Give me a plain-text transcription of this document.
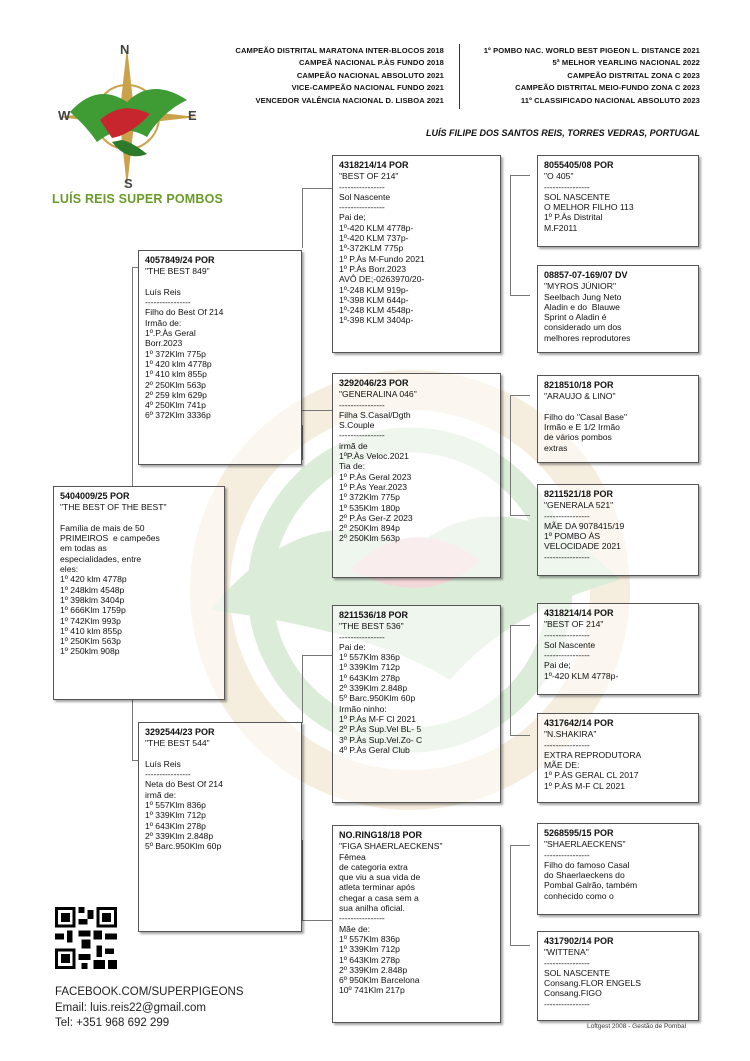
N
S
W	E
LUÍS REIS SUPER POMBOS
CAMPEÃO DISTRITAL MARATONA INTER-BLOCOS 2018
CAMPEÃ NACIONAL P.ÀS FUNDO 2018
CAMPEÃO NACIONAL ABSOLUTO 2021
VICE-CAMPEÃO NACIONAL FUNDO 2021
VENCEDOR VALÊNCIA NACIONAL D. LISBOA 2021
1º POMBO NAC. WORLD BEST PIGEON L. DISTANCE 2021
5ª MELHOR YEARLING NACIONAL 2022
CAMPEÃO DISTRITAL ZONA C 2023
CAMPEÃO DISTRITAL MEIO-FUNDO ZONA C 2023
11º CLASSIFICADO NACIONAL ABSOLUTO 2023
LUÍS FILIPE DOS SANTOS REIS, TORRES VEDRAS, PORTUGAL
5404009/25 POR
"THE BEST OF THE BEST"

Família de mais de 50
PRIMEIROS  e campeões
em todas as
especialidades, entre
eles:
1º 420 klm 4778p
1º 248klm 4548p
1º 398klm 3404p
1º 666Klm 1759p
1º 742Klm 993p
1º 410 klm 855p
1º 250Klm 563p
1º 250klm 908p
4057849/24 POR
"THE BEST 849"

Luís Reis
----------------
Filho do Best Of 214
Irmão de:
1º.P.Às Geral
Borr.2023
1º 372Klm 775p
1º 420 klm 4778p
1º 410 klm 855p
2º 250Klm 563p
2º 259 klm 629p
4º 250Klm 741p
6º 372Klm 3336p
3292544/23 POR
"THE BEST 544"

Luís Reis
----------------
Neta do Best Of 214
irmã de:
1º 557Klm 836p
1º 339Klm 712p
1º 643Klm 278p
2º 339Klm 2.848p
5º Barc.950Klm 60p
4318214/14 POR
"BEST OF 214"
----------------
Sol Nascente
----------------
Pai de;
1º-420 KLM 4778p-
1º-420 KLM 737p-
1º-372KLM 775p
1º P.Às M-Fundo 2021
1º P.Às Borr.2023
AVÔ DE;-0263970/20-
1º-248 KLM 919p-
1º-398 KLM 644p-
1º-248 KLM 4548p-
1º-398 KLM 3404p-
3292046/23 POR
"GENERALINA 046"
----------------
Filha S.Casal/Dgth
S.Couple
----------------
irmã de
1ºP.Às Veloc.2021
Tia de:
1º P.Às Geral 2023
1º P.Às Year.2023
1º 372Klm 775p
1º 535Klm 180p
2º P.Às Ger-Z 2023
2º 250Klm 894p
2º 250Klm 563p
8211536/18 POR
"THE BEST 536"
----------------
Pai de:
1º 557Klm 836p
1º 339Klm 712p
1º 643Klm 278p
2º 339Klm 2.848p
5º Barc.950Klm 60p
Irmão ninho:
1º P.Às M-F Cl 2021
2º P.Às Sup.Vel BL- 5
3º P.Às Sup.Vel.Zo- C
4º P.Às Geral Club
NO.RING18/18 POR
"FIGA SHAERLAECKENS"
Fêmea
de categoria extra
que viu a sua vida de
atleta terminar após
chegar a casa sem a
sua anilha oficial.
----------------
Mãe de:
1º 557Klm 836p
1º 339Klm 712p
1º 643Klm 278p
2º 339Klm 2.848p
6º 950Klm Barcelona
10º 741Klm 217p
8055405/08 POR
"O 405"
----------------
SOL NASCENTE
O MELHOR FILHO 113
1º P.Às Distrital
M.F2011
08857-07-169/07 DV
"MYROS JÚNIOR"
Seelbach Jung Neto
Aladin e do  Blauwe
Sprint o Aladin é
considerado um dos
melhores reprodutores
8218510/18 POR
"ARAUJO & LINO"

Filho do "Casal Base"
Irmão e E 1/2 Irmão
de vários pombos
extras
8211521/18 POR
"GENERALA 521"
----------------
MÃE DA 9078415/19
1º POMBO ÀS
VELOCIDADE 2021
----------------
4318214/14 POR
"BEST OF 214"
----------------
Sol Nascente
----------------
Pai de;
1º-420 KLM 4778p-
4317642/14 POR
"N.SHAKIRA"
----------------
EXTRA REPRODUTORA
MÃE DE:
1º P.ÀS GERAL CL 2017
1º P.ÀS M-F CL 2021
5268595/15 POR
"SHAERLAECKENS"
----------------
Filho do famoso Casal
do Shaerlaeckens do
Pombal Galrão, também
conhecido como o
4317902/14 POR
"WITTENA"
----------------
SOL NASCENTE
Consang.FLOR ENGELS
Consang.FIGO
----------------
FACEBOOK.COM/SUPERPIGEONS
Email: luis.reis22@gmail.com
Tel: +351 968 692 299	Loftgest 2008 - Gestão de Pombal
